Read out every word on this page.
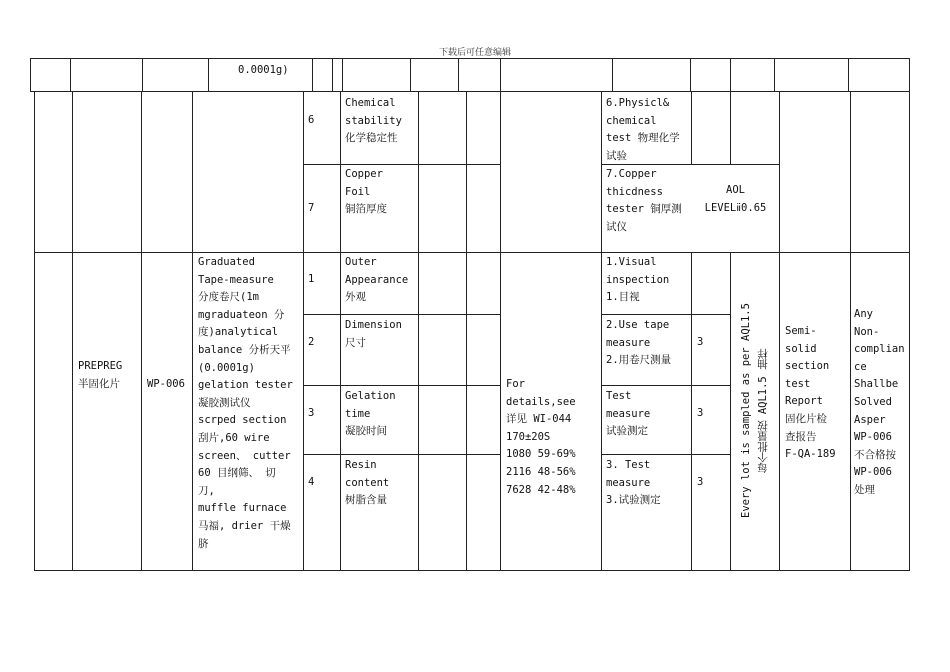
下载后可任意编辑
0.0001g)
6
Chemical
stability
化学稳定性
6.Physicl&
chemical
test 物理化学
试验
7
Copper
Foil
铜箔厚度
7.Copper
thicdness
tester 铜厚测
试仪
AOL
LEVELⅱ0.65
PREPREG
半固化片	WP-006
Graduated
Tape-measure
分度卷尺(1m
mgraduateon 分
度)analytical
balance 分析天平
(0.0001g)
gelation tester
凝胶测试仪
scrped section
刮片,60 wire
screen、 cutter
60 目纲筛、 切
刀,
muffle furnace
马福, drier 干燥
脐
For
details,see
详见 WI-044
170±20S
1080 59-69%
2116 48-56%
7628 42-48%
1
Outer
Appearance
外观
1.Visual
inspection
1.目视
2
Dimension
尺寸
2.Use tape
measure
2.用卷尺测量
3
3
Gelation
time
凝胶时间
Test
measure
试验测定
3
4
Resin
content
树脂含量
3. Test
measure
3.试验测定
3
Every lot is sampled as per AQL1.5
每个批量按 AQL1.5 抽样
Semi-
solid
section
test
Report
固化片检
查报告
F-QA-189
Any
Non-
complian
ce
Shallbe
Solved
Asper
WP-006
不合格按
WP-006
处理
